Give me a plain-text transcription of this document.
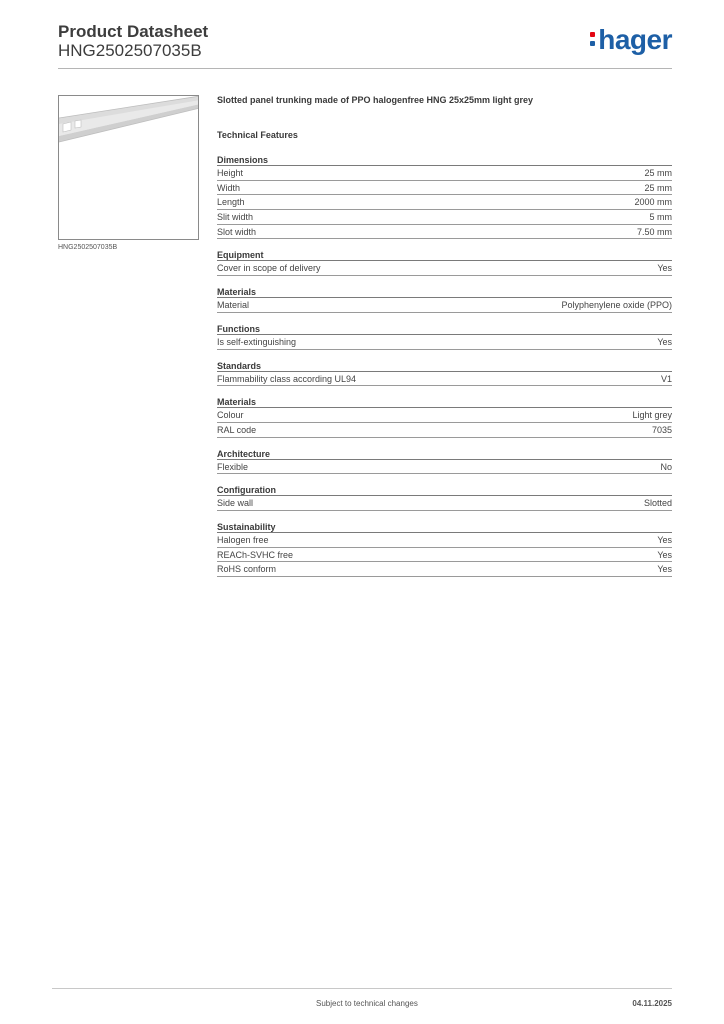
Product Datasheet
HNG2502507035B	hager
HNG2502507035B
Slotted panel trunking made of PPO halogenfree HNG 25x25mm light grey
Technical Features
Dimensions
Height	25 mm
Width	25 mm
Length	2000 mm
Slit width	5 mm
Slot width	7.50 mm
Equipment
Cover in scope of delivery	Yes
Materials
Material	Polyphenylene oxide (PPO)
Functions
Is self-extinguishing	Yes
Standards
Flammability class according UL94	V1
Materials
Colour	Light grey
RAL code	7035
Architecture
Flexible	No
Configuration
Side wall	Slotted
Sustainability
Halogen free	Yes
REACh-SVHC free	Yes
RoHS conform	Yes
Subject to technical changes	04.11.2025
